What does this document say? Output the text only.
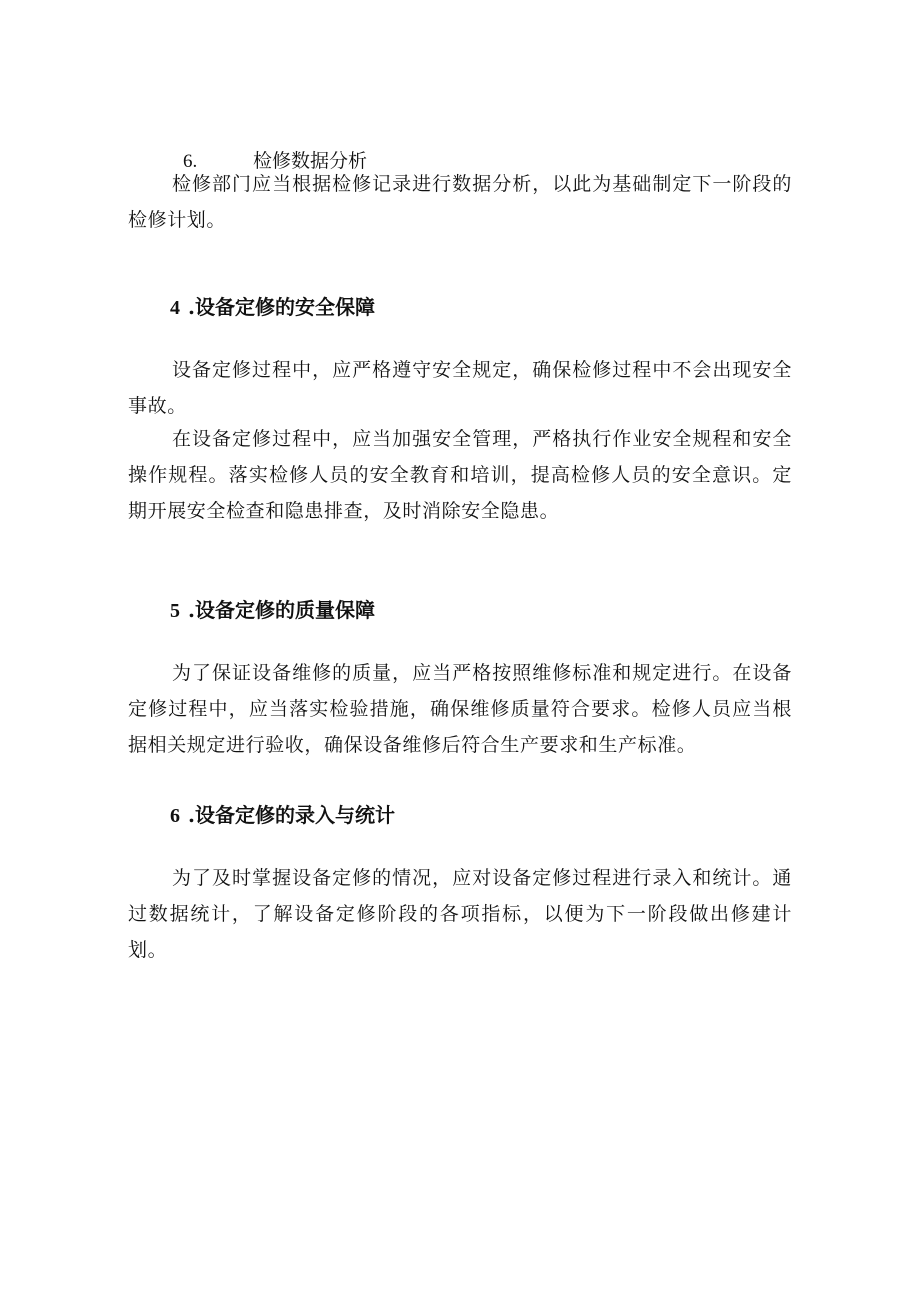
6.	检修数据分析

检修部门应当根据检修记录进行数据分析，以此为基础制定下一阶段的检修计划。

4 .设备定修的安全保障

设备定修过程中，应严格遵守安全规定，确保检修过程中不会出现安全事故。

在设备定修过程中，应当加强安全管理，严格执行作业安全规程和安全操作规程。落实检修人员的安全教育和培训，提高检修人员的安全意识。定期开展安全检查和隐患排查，及时消除安全隐患。

5 .设备定修的质量保障

为了保证设备维修的质量，应当严格按照维修标准和规定进行。在设备定修过程中，应当落实检验措施，确保维修质量符合要求。检修人员应当根据相关规定进行验收，确保设备维修后符合生产要求和生产标准。

6 .设备定修的录入与统计

为了及时掌握设备定修的情况，应对设备定修过程进行录入和统计。通过数据统计，了解设备定修阶段的各项指标，以便为下一阶段做出修建计划。
